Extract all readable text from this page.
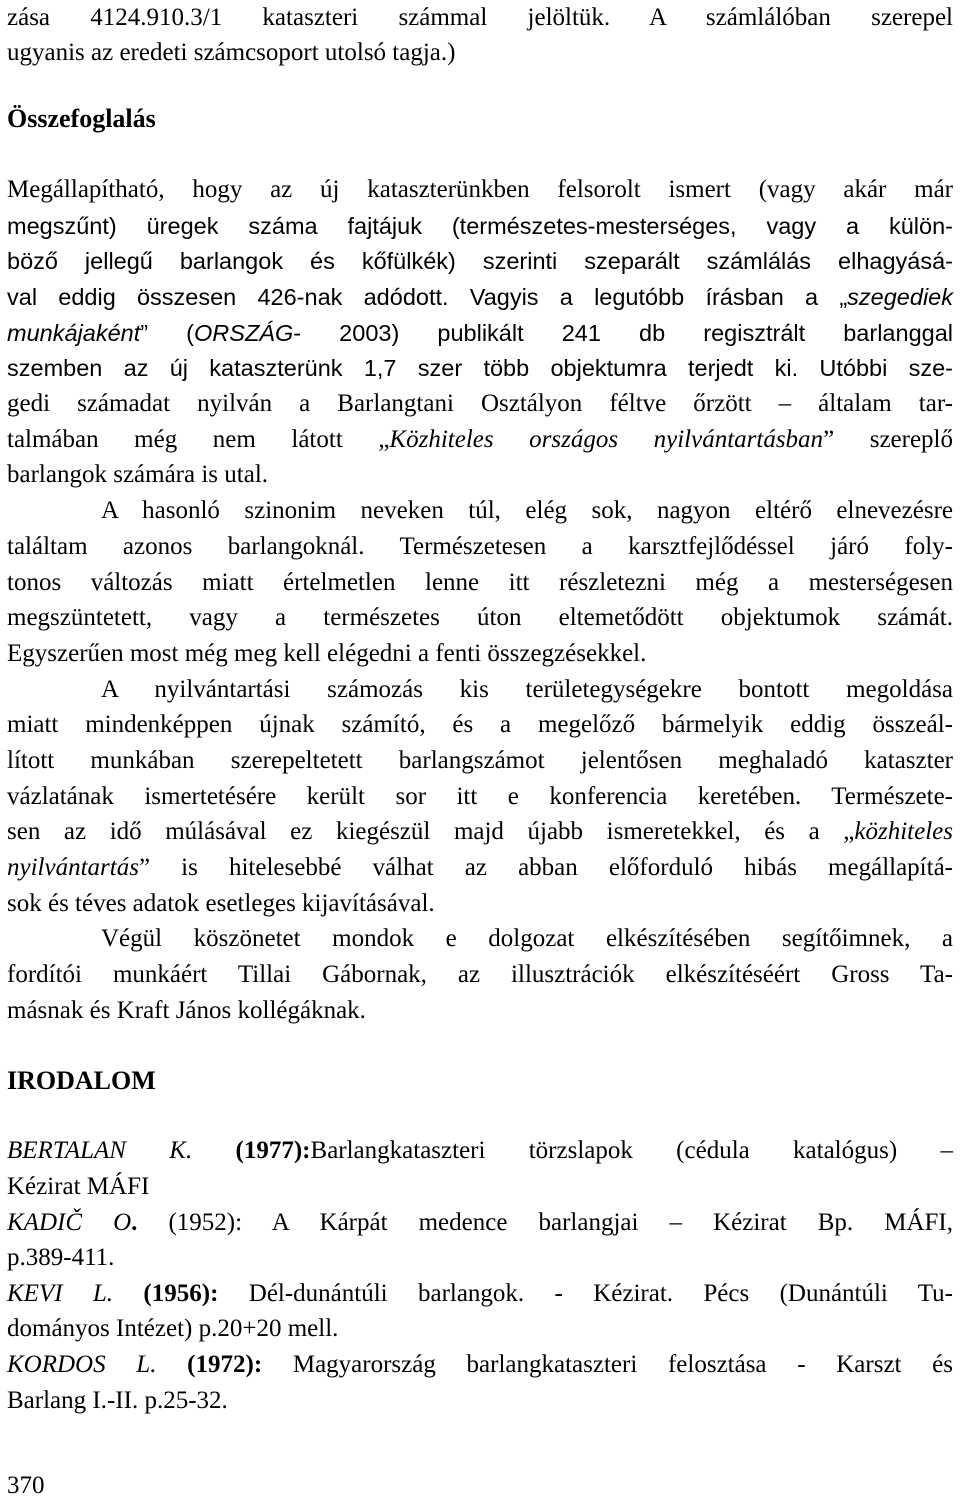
zása 4124.910.3/1 kataszteri számmal jelöltük. A számlálóban szerepel
ugyanis az eredeti számcsoport utolsó tagja.)
Összefoglalás
Megállapítható, hogy az új kataszterünkben felsorolt ismert (vagy akár már
megszűnt) üregek száma fajtájuk (természetes-mesterséges, vagy a külön-
böző jellegű barlangok és kőfülkék) szerinti szeparált számlálás elhagyásá-
val eddig összesen 426-nak adódott. Vagyis a legutóbb írásban a „szegediek
munkájaként” (ORSZÁG- 2003) publikált 241 db regisztrált barlanggal
szemben az új kataszterünk 1,7 szer több objektumra terjedt ki. Utóbbi sze-
gedi számadat nyilván a Barlangtani Osztályon féltve őrzött – általam tar-
talmában még nem látott „Közhiteles országos nyilvántartásban” szereplő
barlangok számára is utal.
A hasonló szinonim neveken túl, elég sok, nagyon eltérő elnevezésre
találtam azonos barlangoknál. Természetesen a karsztfejlődéssel járó foly-
tonos változás miatt értelmetlen lenne itt részletezni még a mesterségesen
megszüntetett, vagy a természetes úton eltemetődött objektumok számát.
Egyszerűen most még meg kell elégedni a fenti összegzésekkel.
A nyilvántartási számozás kis területegységekre bontott megoldása
miatt mindenképpen újnak számító, és a megelőző bármelyik eddig összeál-
lított munkában szerepeltetett barlangszámot jelentősen meghaladó kataszter
vázlatának ismertetésére került sor itt e konferencia keretében. Természete-
sen az idő múlásával ez kiegészül majd újabb ismeretekkel, és a „közhiteles
nyilvántartás” is hitelesebbé válhat az abban előforduló hibás megállapítá-
sok és téves adatok esetleges kijavításával.
Végül köszönetet mondok e dolgozat elkészítésében segítőimnek, a
fordítói munkáért Tillai Gábornak, az illusztrációk elkészítéséért Gross Ta-
másnak és Kraft János kollégáknak.
IRODALOM
BERTALAN K. (1977):Barlangkataszteri törzslapok (cédula katalógus) –
Kézirat MÁFI
KADIČ O. (1952): A Kárpát medence barlangjai – Kézirat Bp. MÁFI,
p.389-411.
KEVI L. (1956): Dél-dunántúli barlangok. - Kézirat. Pécs (Dunántúli Tu-
dományos Intézet) p.20+20 mell.
KORDOS L. (1972): Magyarország barlangkataszteri felosztása - Karszt és
Barlang I.-II. p.25-32.
370
